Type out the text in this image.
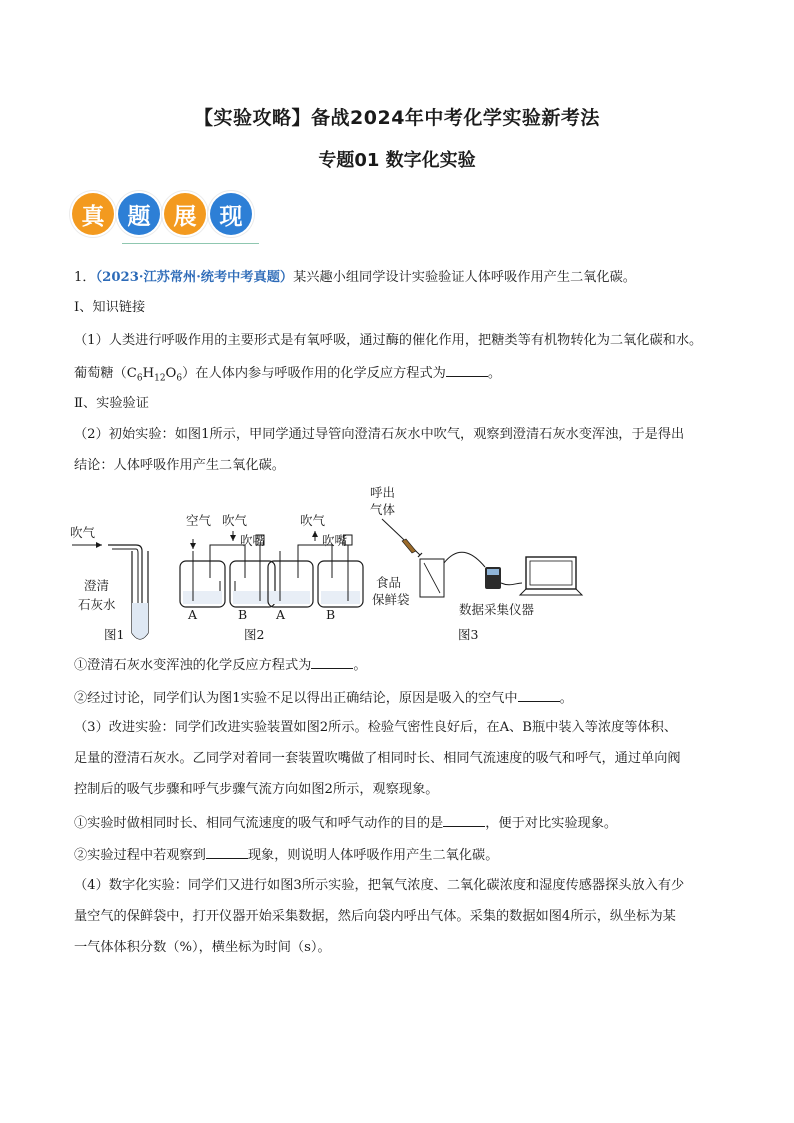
【实验攻略】备战2024年中考化学实验新考法
专题01 数字化实验
真	题	展	现
1．（2023·江苏常州·统考中考真题）某兴趣小组同学设计实验验证人体呼吸作用产生二氧化碳。
Ⅰ、知识链接
（1）人类进行呼吸作用的主要形式是有氧呼吸，通过酶的催化作用，把糖类等有机物转化为二氧化碳和水。
葡萄糖$(C_6H_{12}O_6)$在人体内参与呼吸作用的化学反应方程式为	。
Ⅱ、实验验证
（2）初始实验：如图1所示，甲同学通过导管向澄清石灰水中吹气，观察到澄清石灰水变浑浊，于是得出
结论：人体呼吸作用产生二氧化碳。
吹气
澄清
石灰水
图1
空气 吹气
吹嘴
A	B
图2
吹气
吹嘴
A	B
呼出
气体
食品
保鲜袋
数据采集仪器
图3
①澄清石灰水变浑浊的化学反应方程式为	。
②经过讨论，同学们认为图1实验不足以得出正确结论，原因是吸入的空气中	。
（3）改进实验：同学们改进实验装置如图2所示。检验气密性良好后，在A、B瓶中装入等浓度等体积、
足量的澄清石灰水。乙同学对着同一套装置吹嘴做了相同时长、相同气流速度的吸气和呼气，通过单向阀
控制后的吸气步骤和呼气步骤气流方向如图2所示，观察现象。
①实验时做相同时长、相同气流速度的吸气和呼气动作的目的是	，便于对比实验现象。
②实验过程中若观察到	现象，则说明人体呼吸作用产生二氧化碳。
（4）数字化实验：同学们又进行如图3所示实验，把氧气浓度、二氧化碳浓度和湿度传感器探头放入有少
量空气的保鲜袋中，打开仪器开始采集数据，然后向袋内呼出气体。采集的数据如图4所示，纵坐标为某
一气体体积分数（%），横坐标为时间（s）。
